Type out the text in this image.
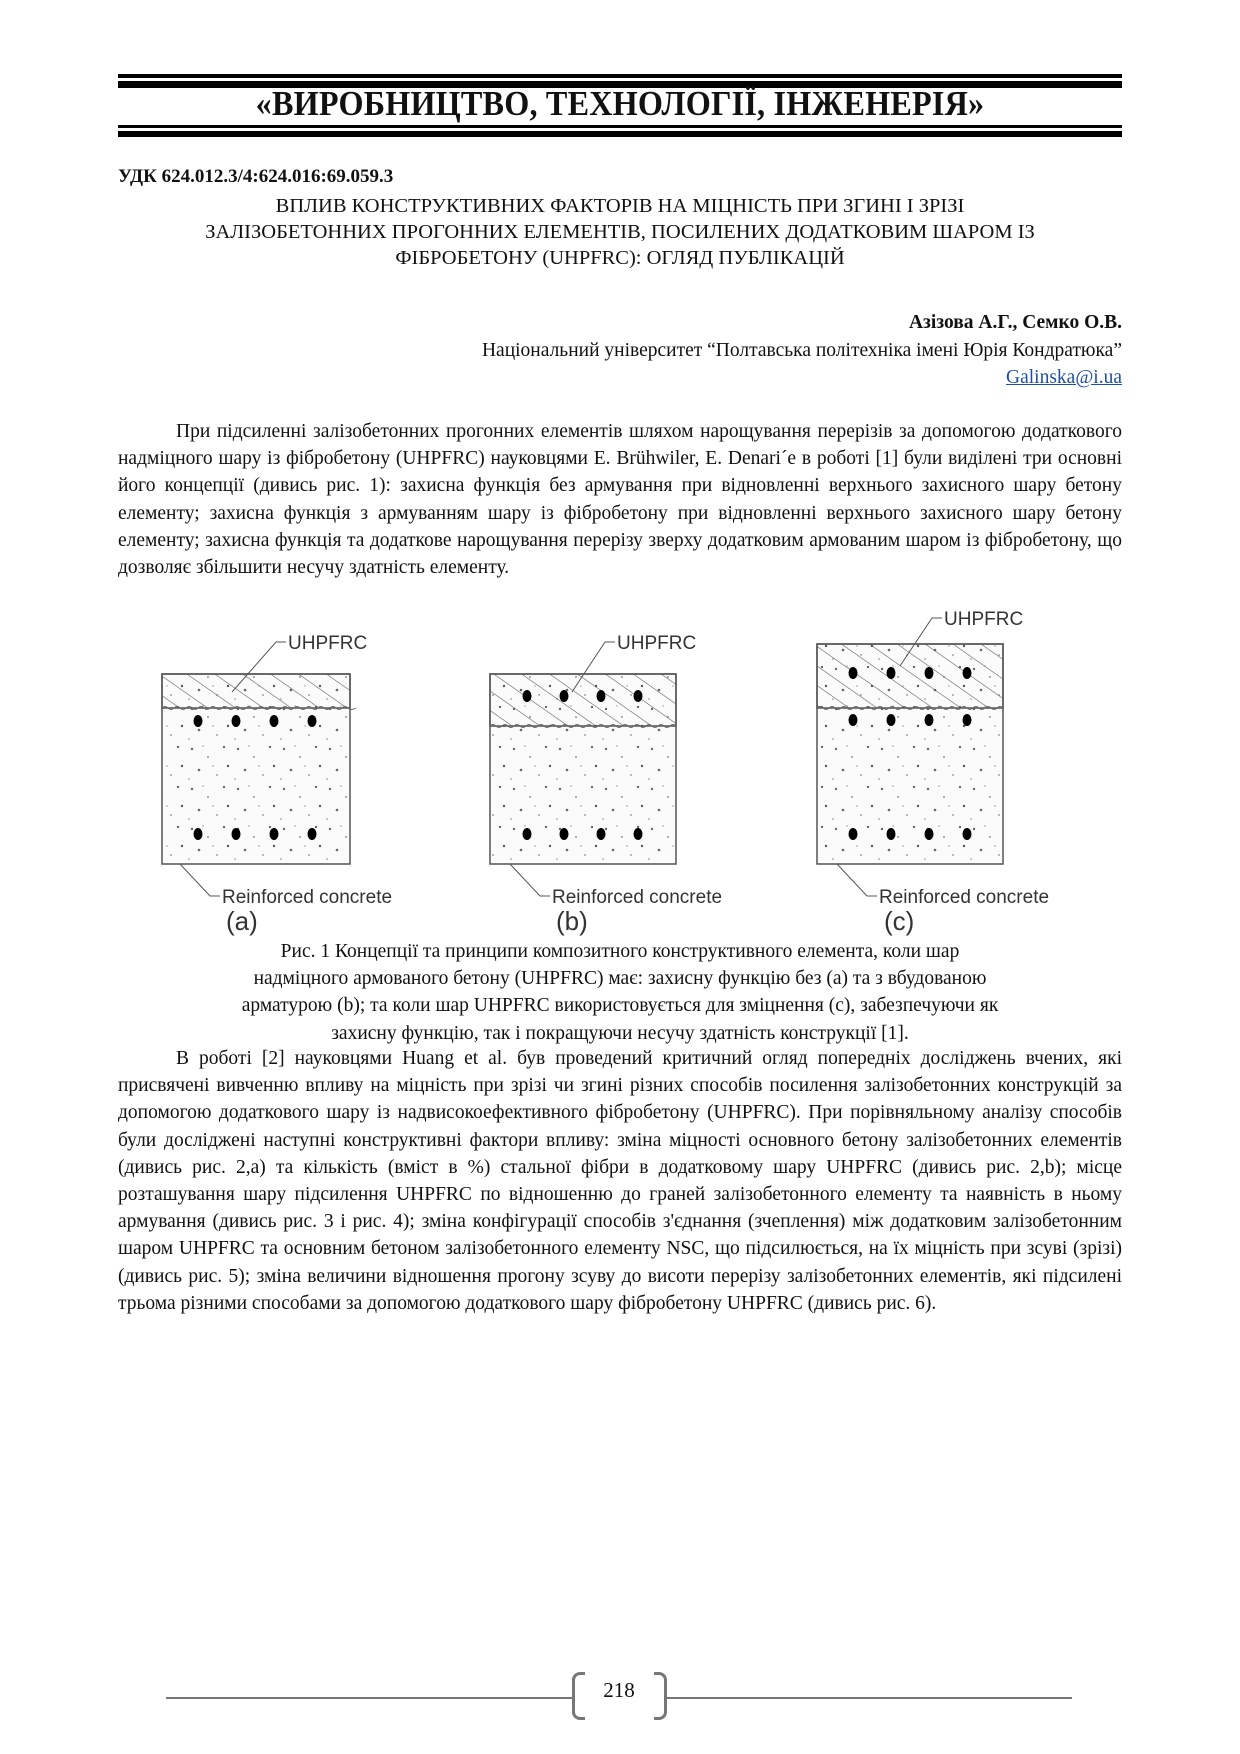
«ВИРОБНИЦТВО, ТЕХНОЛОГІЇ, ІНЖЕНЕРІЯ»
УДК 624.012.3/4:624.016:69.059.3
ВПЛИВ КОНСТРУКТИВНИХ ФАКТОРІВ НА МІЦНІСТЬ ПРИ ЗГИНІ І ЗРІЗІ
ЗАЛІЗОБЕТОННИХ ПРОГОННИХ ЕЛЕМЕНТІВ, ПОСИЛЕНИХ ДОДАТКОВИМ ШАРОМ ІЗ
ФІБРОБЕТОНУ (UHPFRC): ОГЛЯД ПУБЛІКАЦІЙ
Азізова А.Г., Семко О.В.
Національний університет “Полтавська політехніка імені Юрія Кондратюка”
Galinska@i.ua

При підсиленні залізобетонних прогонних елементів шляхом нарощування перерізів за допомогою додаткового надміцного шару із фібробетону (UHPFRC) науковцями E. Brühwiler, E. Denari´e в роботі [1] були виділені три основні його концепції (дивись рис. 1): захисна функція без армування при відновленні верхнього захисного шару бетону елементу; захисна функція з армуванням шару із фібробетону при відновленні верхнього захисного шару бетону елементу; захисна функція та додаткове нарощування перерізу зверху додатковим армованим шаром із фібробетону, що дозволяє збільшити несучу здатність елементу.

UHPFRC
Reinforced concrete
UHPFRC
Reinforced concrete
UHPFRC
Reinforced concrete
(a)	(b)	(c)
Рис. 1 Концепції та принципи композитного конструктивного елемента, коли шар
надміцного армованого бетону (UHPFRC) має: захисну функцію без (a) та з вбудованою
арматурою (b); та коли шар UHPFRC використовується для зміцнення (c), забезпечуючи як
захисну функцію, так і покращуючи несучу здатність конструкції [1].

В роботі [2] науковцями Huang et al. був проведений критичний огляд попередніх досліджень вчених, які присвячені вивченню впливу на міцність при зрізі чи згині різних способів посилення залізобетонних конструкцій за допомогою додаткового шару із надвисокоефективного фібробетону (UHPFRC). При порівняльному аналізу способів були досліджені наступні конструктивні фактори впливу: зміна міцності основного бетону залізобетонних елементів (дивись рис. 2,a) та кількість (вміст в %) стальної фібри в додатковому шару UHPFRC (дивись рис. 2,b); місце розташування шару підсилення UHPFRC по відношенню до граней залізобетонного елементу та наявність в ньому армування (дивись рис. 3 і рис. 4); зміна конфігурації способів з'єднання (зчеплення) між додатковим залізобетонним шаром UHPFRC та основним бетоном залізобетонного елементу NSC, що підсилюється, на їх міцність при зсуві (зрізі) (дивись рис. 5); зміна величини відношення прогону зсуву до висоти перерізу залізобетонних елементів, які підсилені трьома різними способами за допомогою додаткового шару фібробетону UHPFRC (дивись рис. 6).

218
